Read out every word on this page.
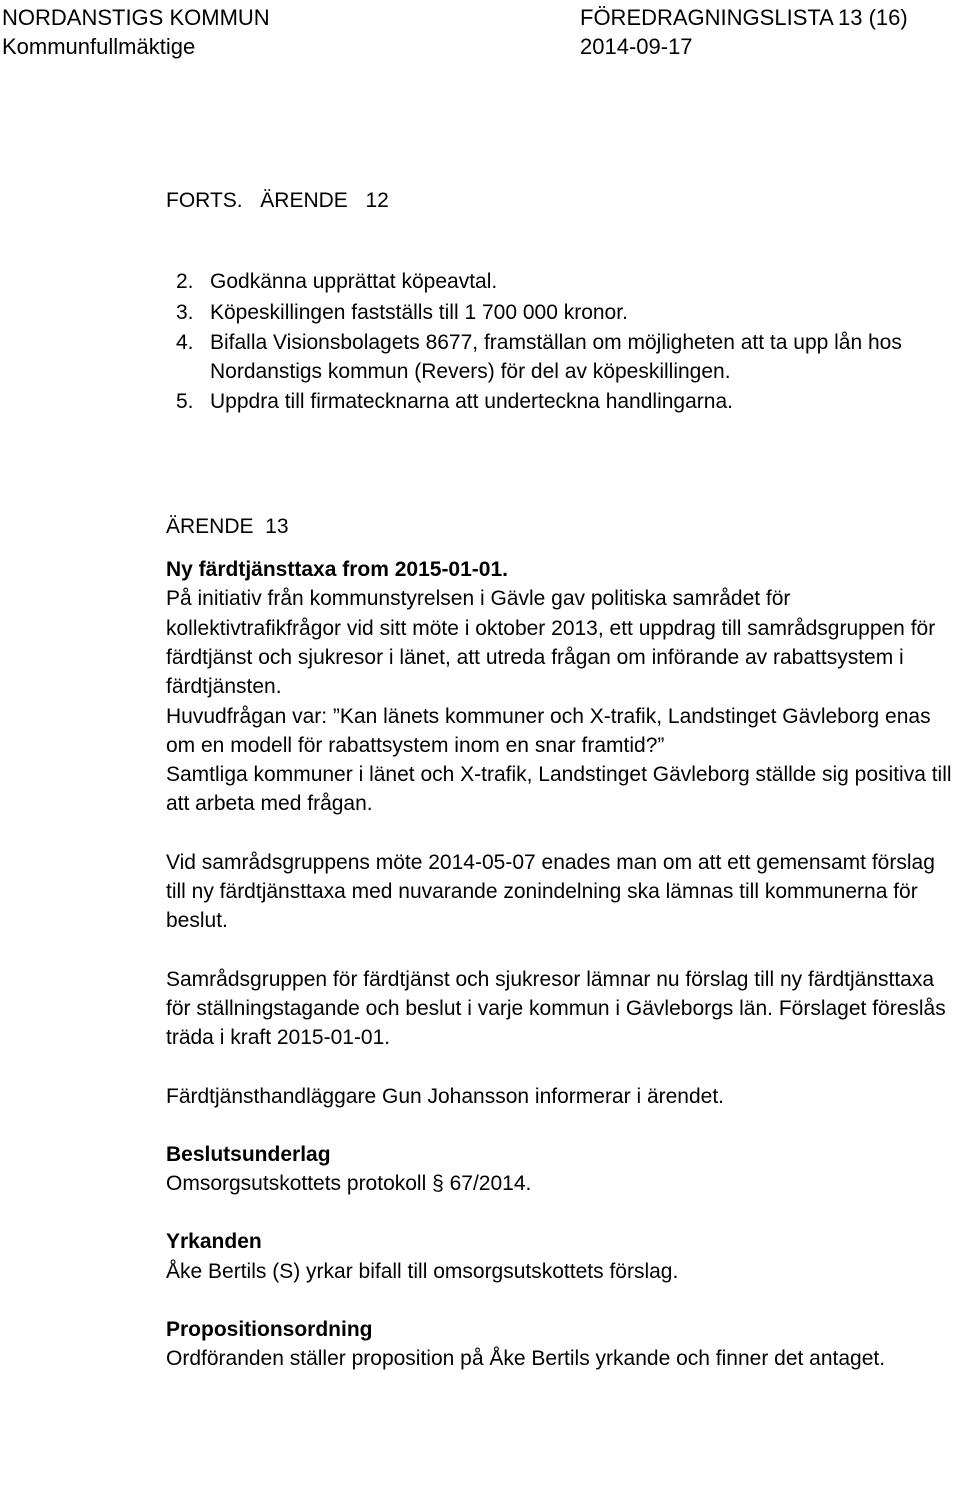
NORDANSTIGS KOMMUN
Kommunfullmäktige
FÖREDRAGNINGSLISTA
2014-09-17
13 (16)

FORTS.  ÄRENDE  12

2. Godkänna upprättat köpeavtal.
3. Köpeskillingen fastställs till 1 700 000 kronor.
4. Bifalla Visionsbolagets 8677, framställan om möjligheten att ta upp lån hos Nordanstigs kommun (Revers) för del av köpeskillingen.
5. Uppdra till firmatecknarna att underteckna handlingarna.

ÄRENDE  13

Ny färdtjänsttaxa from 2015-01-01.

På initiativ från kommunstyrelsen i Gävle gav politiska samrådet för kollektivtrafikfrågor vid sitt möte i oktober 2013, ett uppdrag till samrådsgruppen för färdtjänst och sjukresor i länet, att utreda frågan om införande av rabattsystem i färdtjänsten.

Huvudfrågan var: ”Kan länets kommuner och X-trafik, Landstinget Gävleborg enas om en modell för rabattsystem inom en snar framtid?”

Samtliga kommuner i länet och X-trafik, Landstinget Gävleborg ställde sig positiva till att arbeta med frågan.

Vid samrådsgruppens möte 2014-05-07 enades man om att ett gemensamt förslag till ny färdtjänsttaxa med nuvarande zonindelning ska lämnas till kommunerna för beslut.

Samrådsgruppen för färdtjänst och sjukresor lämnar nu förslag till ny färdtjänsttaxa för ställningstagande och beslut i varje kommun i Gävleborgs län. Förslaget föreslås träda i kraft 2015-01-01.

Färdtjänsthandläggare Gun Johansson informerar i ärendet.

Beslutsunderlag

Omsorgsutskottets protokoll § 67/2014.

Yrkanden

Åke Bertils (S) yrkar bifall till omsorgsutskottets förslag.

Propositionsordning

Ordföranden ställer proposition på Åke Bertils yrkande och finner det antaget.
